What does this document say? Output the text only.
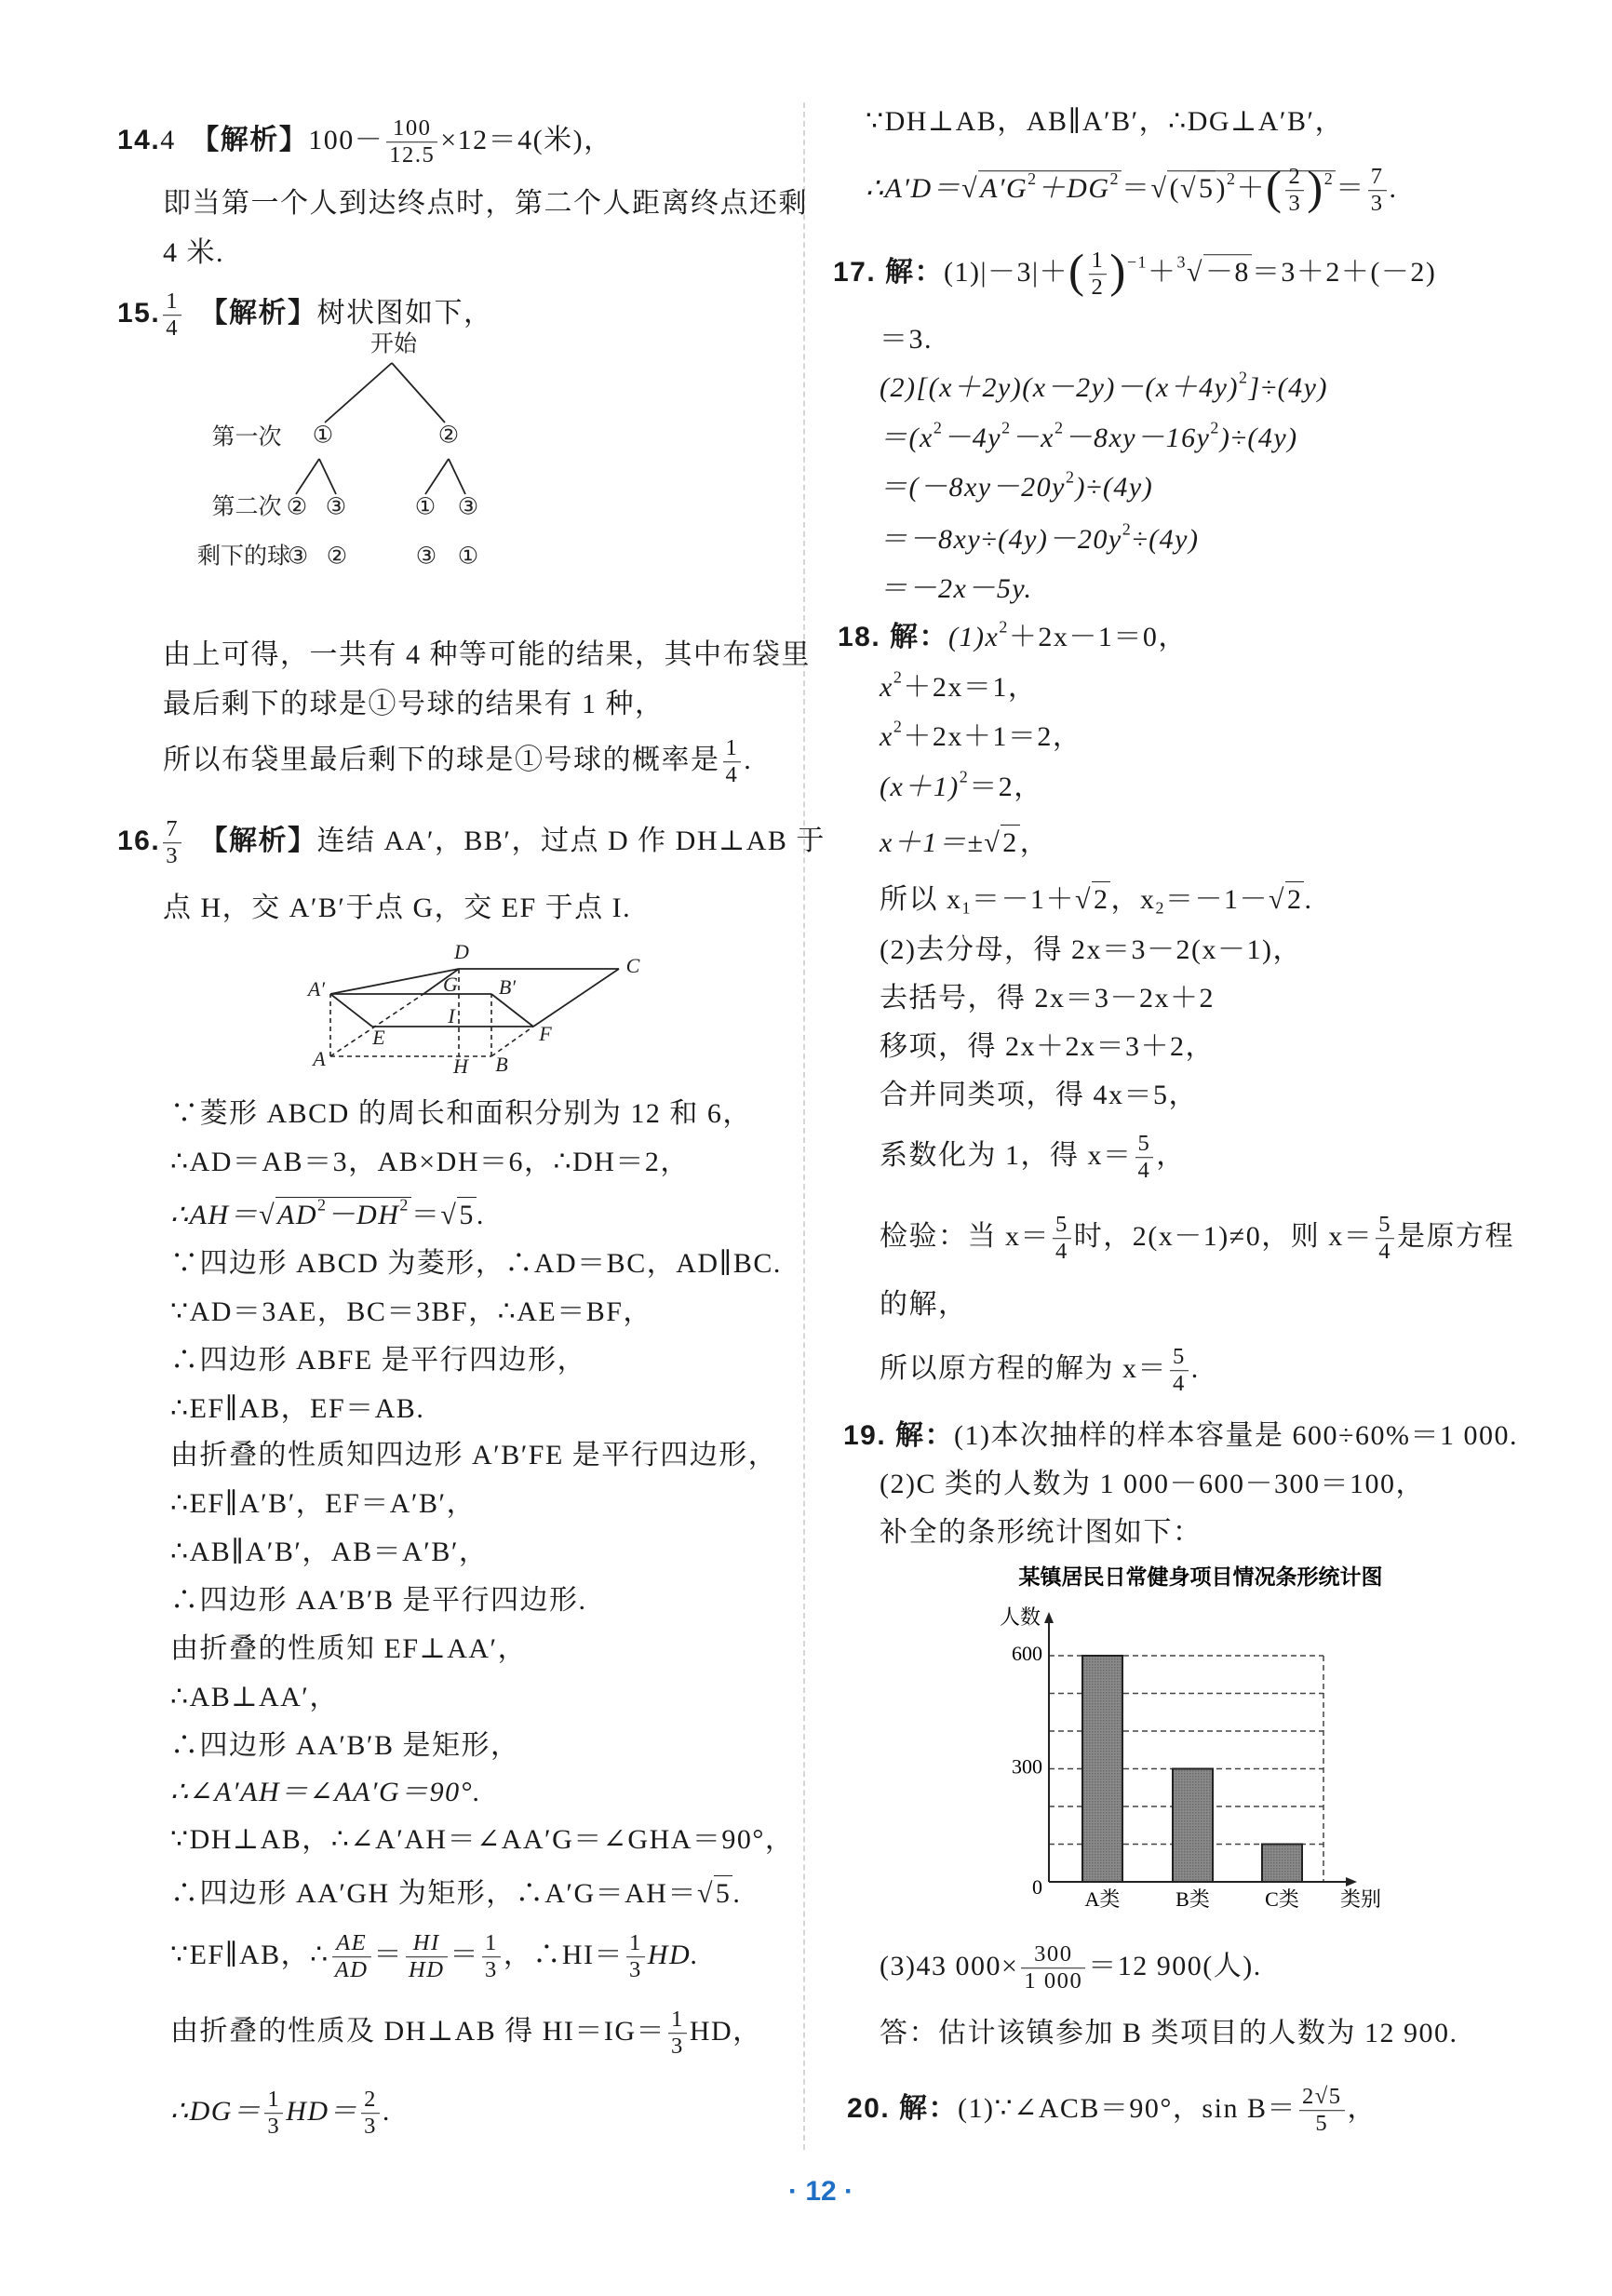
14.4　【解析】$100- \frac{100}{12.5} \times 12=4$(米)，
即当第一个人到达终点时，第二个人距离终点还剩
4 米.
15. $\frac{1}{4}$
　 【解析】树状图如下，
由上可得，一共有 4 种等可能的结果，其中布袋里
最后剩下的球是①号球的结果有 1 种，
所以布袋里最后剩下的球是①号球的概率是 $\frac{1}{4}$ .
16. $\frac{7}{3}$
　 【解析】连结 AA′，BB′，过点 D 作 DH⊥AB 于
点 H，交 A′B′于点 G，交 EF 于点 I.
∵菱形 ABCD 的周长和面积分别为 12 和 6，
∴AD＝AB＝3，AB×DH＝6，∴DH＝2，
$\therefore AH=√AD^2-DH^2=√5$.
∵四边形 ABCD 为菱形，∴AD＝BC，AD∥BC.
∵AD＝3AE，BC＝3BF，∴AE＝BF，
∴四边形 ABFE 是平行四边形，
∴EF∥AB，EF＝AB.
由折叠的性质知四边形 A′B′FE 是平行四边形，
∴EF∥A′B′，EF＝A′B′，
∴AB∥A′B′，AB＝A′B′，
∴四边形 AA′B′B 是平行四边形.
由折叠的性质知 EF⊥AA′，
∴AB⊥AA′，
∴四边形 AA′B′B 是矩形，
∴∠A′AH＝∠AA′G＝90°.
∵DH⊥AB，∴∠A′AH＝∠AA′G＝∠GHA＝90°，
∴四边形 AA′GH 为矩形，∴A′G＝AH＝√5.
∵EF∥AB，∴ $\frac{AE}{AD} = \frac{HI}{HD} = \frac{1}{3}$ ，∴HI＝ $\frac{1}{3}$ HD.
由折叠的性质及 DH⊥AB 得 $HI=IG= \frac{1}{3}$ HD，
∴DG＝ $\frac{1}{3} HD= \frac{2}{3}$ .
∵DH⊥AB，AB∥A′B′，∴DG⊥A′B′，
$\therefore A'D=√A'G^2+DG^2=√(√5)^2+( \frac{2}{3} )^2= \frac{7}{3}$ .
17. 解：$(1)|-3|+( \frac{1}{2} )^{-1}+^3√-8=3+2+(-2)$
＝3.
$(2)[(x+2y)(x-2y)-(x+4y)^2]\div(4y)$
$=(x^2-4y^2-x^2-8xy-16y^2)\div(4y)$
$=(-8xy-20y^2)\div(4y)$
$=-8xy\div(4y)-20y^2\div(4y)$
＝－2x－5y.
18. 解：$(1)x^2+2x-1=0$，
$x^2+2x=1$，
$x^2+2x+1=2$，
$(x+1)^2=2$，
x＋1＝±√2，
所以 $x_1=-1+√2$，$x_2=-1-√2$.
(2)去分母，得 2x＝3－2(x－1)，
去括号，得 2x＝3－2x＋2
移项，得 2x＋2x＝3＋2，
合并同类项，得 4x＝5，
系数化为 1，得 $x= \frac{5}{4}$ ，
检验：当 $x= \frac{5}{4}$ 时，2(x－1)≠0，则 $x= \frac{5}{4}$ 是原方程
的解，
所以原方程的解为 $x= \frac{5}{4}$ .
19. 解：(1)本次抽样的样本容量是 600÷60%＝1 000.
(2)C 类的人数为 1 000－600－300＝100，
补全的条形统计图如下：
(3)43 $000\times \frac{300}{1 000} =12$ 900(人).
答：估计该镇参加 B 类项目的人数为 12 900.
20. 解：(1)∵∠ACB＝90°，$\sin B= \frac{2√5}{5}$ ，
开始
第一次
第二次
剩下的球
①	②
② ③	① ③
③ ②	③ ①
D
C
A′	G B′
I
E	F
A	H B
某镇居民日常健身项目情况条形统计图
人数
类别
A类	B类	C类
0
300
600
· 12 ·
